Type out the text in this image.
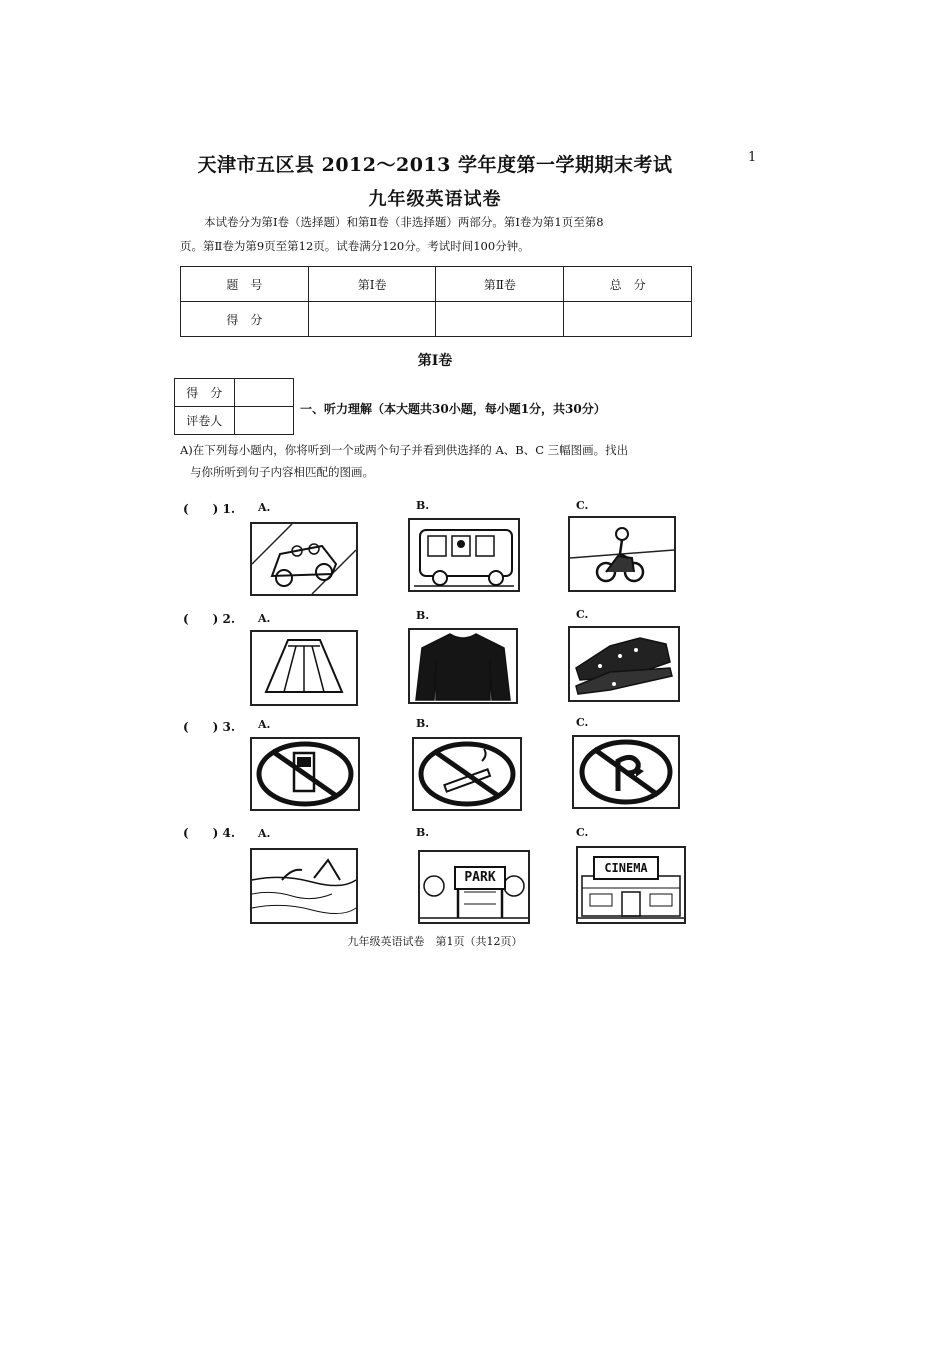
1
天津市五区县 2012～2013 学年度第一学期期末考试
九年级英语试卷
本试卷分为第Ⅰ卷（选择题）和第Ⅱ卷（非选择题）两部分。第Ⅰ卷为第1页至第8
页。第Ⅱ卷为第9页至第12页。试卷满分120分。考试时间100分钟。
题　号	第Ⅰ卷	第Ⅱ卷	总　分
得　分			
第Ⅰ卷
得　分	
评卷人	
一、听力理解（本大题共30小题，每小题1分，共30分）
A)在下列每小题内，你将听到一个或两个句子并看到供选择的 A、B、C 三幅图画。找出
与你所听到句子内容相匹配的图画。
(　　) 1. A.	B.	C.
(　　) 2. A.	B.	C.
(　　) 3. A.	B.	C.
(　　) 4. A.	B.	C.
PARK
CINEMA
九年级英语试卷　第1页（共12页）
